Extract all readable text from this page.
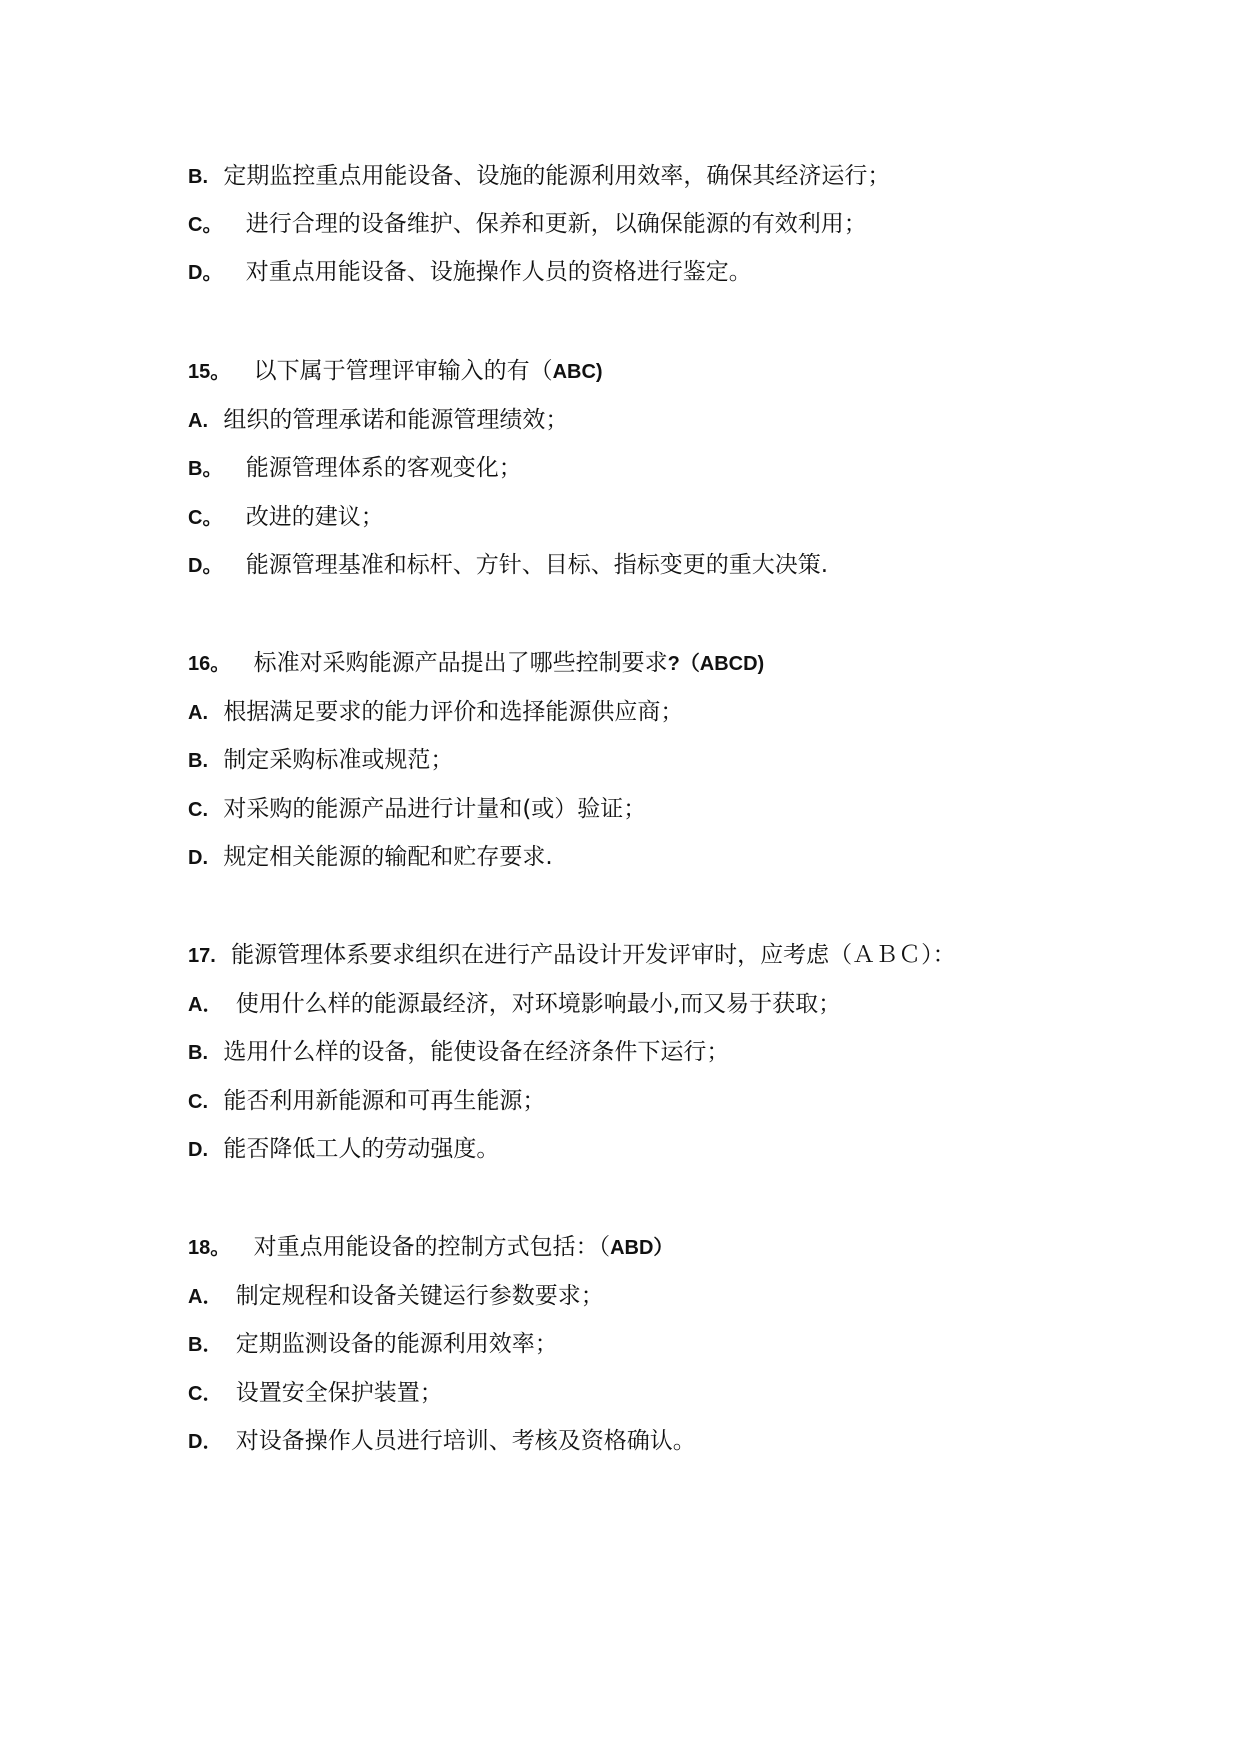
B. 定期监控重点用能设备、设施的能源利用效率，确保其经济运行；
C。 进行合理的设备维护、保养和更新，以确保能源的有效利用；
D。 对重点用能设备、设施操作人员的资格进行鉴定。
15。 以下属于管理评审输入的有（ABC)
A. 组织的管理承诺和能源管理绩效；
B。 能源管理体系的客观变化；
C。 改进的建议；
D。 能源管理基准和标杆、方针、目标、指标变更的重大决策.
16。 标准对采购能源产品提出了哪些控制要求?（ABCD)
A. 根据满足要求的能力评价和选择能源供应商；
B. 制定采购标准或规范；
C. 对采购的能源产品进行计量和(或）验证；
D. 规定相关能源的输配和贮存要求.
17. 能源管理体系要求组织在进行产品设计开发评审时，应考虑（ＡＢＣ）：
A． 使用什么样的能源最经济，对环境影响最小,而又易于获取；
B. 选用什么样的设备，能使设备在经济条件下运行；
C. 能否利用新能源和可再生能源；
D. 能否降低工人的劳动强度。
18。 对重点用能设备的控制方式包括：（ABD）
A． 制定规程和设备关键运行参数要求；
B． 定期监测设备的能源利用效率；
C． 设置安全保护装置；
D． 对设备操作人员进行培训、考核及资格确认。
